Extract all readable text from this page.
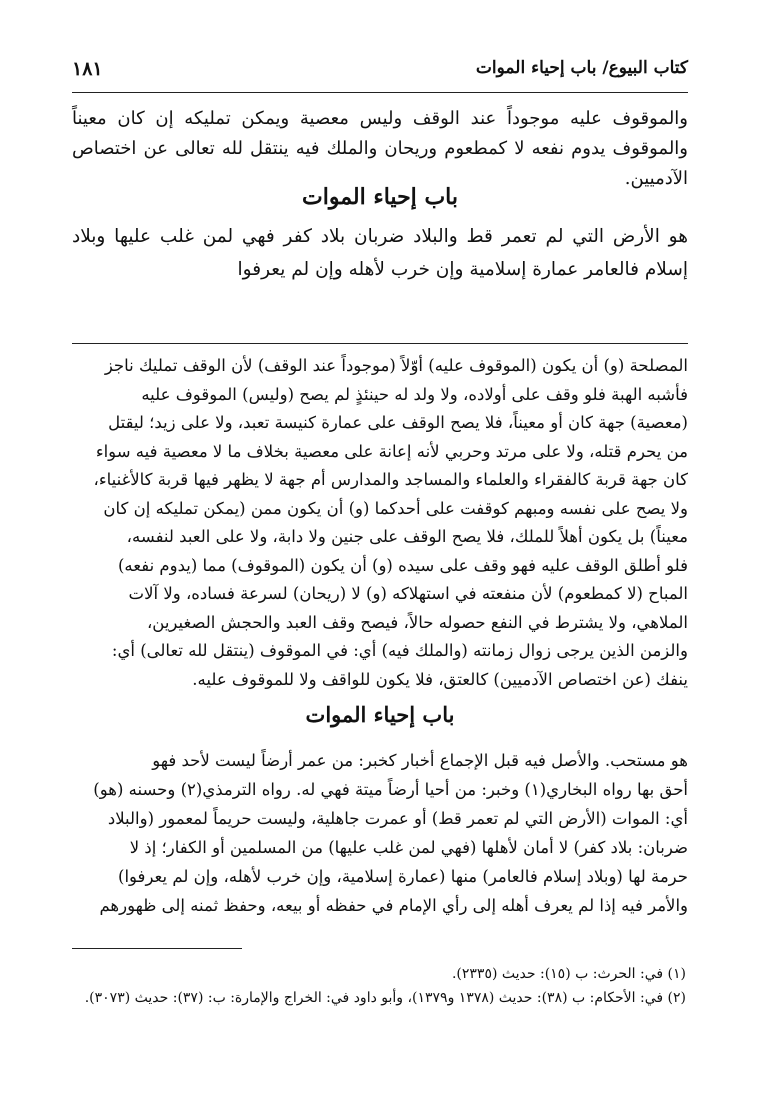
كتاب البيوع/ باب إحياء الموات
١٨١
والموقوف عليه موجوداً عند الوقف وليس معصية ويمكن تمليكه إن كان معيناً والموقوف يدوم نفعه لا كمطعوم وريحان والملك فيه ينتقل لله تعالى عن اختصاص الآدميين.
باب إحياء الموات
هو الأرض التي لم تعمر قط والبلاد ضربان بلاد كفر فهي لمن غلب عليها وبلاد إسلام فالعامر عمارة إسلامية وإن خرب لأهله وإن لم يعرفوا
المصلحة (و) أن يكون (الموقوف عليه) أوّلاً (موجوداً عند الوقف) لأن الوقف تمليك ناجز
فأشبه الهبة فلو وقف على أولاده، ولا ولد له حينئذٍ لم يصح (وليس) الموقوف عليه
(معصية) جهة كان أو معيناً، فلا يصح الوقف على عمارة كنيسة تعبد، ولا على زيد؛ ليقتل
من يحرم قتله، ولا على مرتد وحربي لأنه إعانة على معصية بخلاف ما لا معصية فيه سواء
كان جهة قربة كالفقراء والعلماء والمساجد والمدارس أم جهة لا يظهر فيها قربة كالأغنياء،
ولا يصح على نفسه ومبهم كوقفت على أحدكما (و) أن يكون ممن (يمكن تمليكه إن كان
معيناً) بل يكون أهلاً للملك، فلا يصح الوقف على جنين ولا دابة، ولا على العبد لنفسه،
فلو أطلق الوقف عليه فهو وقف على سيده (و) أن يكون (الموقوف) مما (يدوم نفعه)
المباح (لا كمطعوم) لأن منفعته في استهلاكه (و) لا (ريحان) لسرعة فساده، ولا آلات
الملاهي، ولا يشترط في النفع حصوله حالاً، فيصح وقف العبد والحجش الصغيرين،
والزمن الذين يرجى زوال زمانته (والملك فيه) أي: في الموقوف (ينتقل لله تعالى) أي:
ينفك (عن اختصاص الآدميين) كالعتق، فلا يكون للواقف ولا للموقوف عليه.
باب إحياء الموات
هو مستحب. والأصل فيه قبل الإجماع أخبار كخبر: من عمر أرضاً ليست لأحد فهو
أحق بها رواه البخاري(١) وخبر: من أحيا أرضاً ميتة فهي له. رواه الترمذي(٢) وحسنه (هو)
أي: الموات (الأرض التي لم تعمر قط) أو عمرت جاهلية، وليست حريماً لمعمور (والبلاد
ضربان: بلاد كفر) لا أمان لأهلها (فهي لمن غلب عليها) من المسلمين أو الكفار؛ إذ لا
حرمة لها (وبلاد إسلام فالعامر) منها (عمارة إسلامية، وإن خرب لأهله، وإن لم يعرفوا)
والأمر فيه إذا لم يعرف أهله إلى رأي الإمام في حفظه أو بيعه، وحفظ ثمنه إلى ظهورهم
(١) في: الحرث: ب (١٥): حديث (٢٣٣٥).
(٢) في: الأحكام: ب (٣٨): حديث (١٣٧٨ و١٣٧٩)، وأبو داود في: الخراج والإمارة: ب: (٣٧): حديث (٣٠٧٣).
